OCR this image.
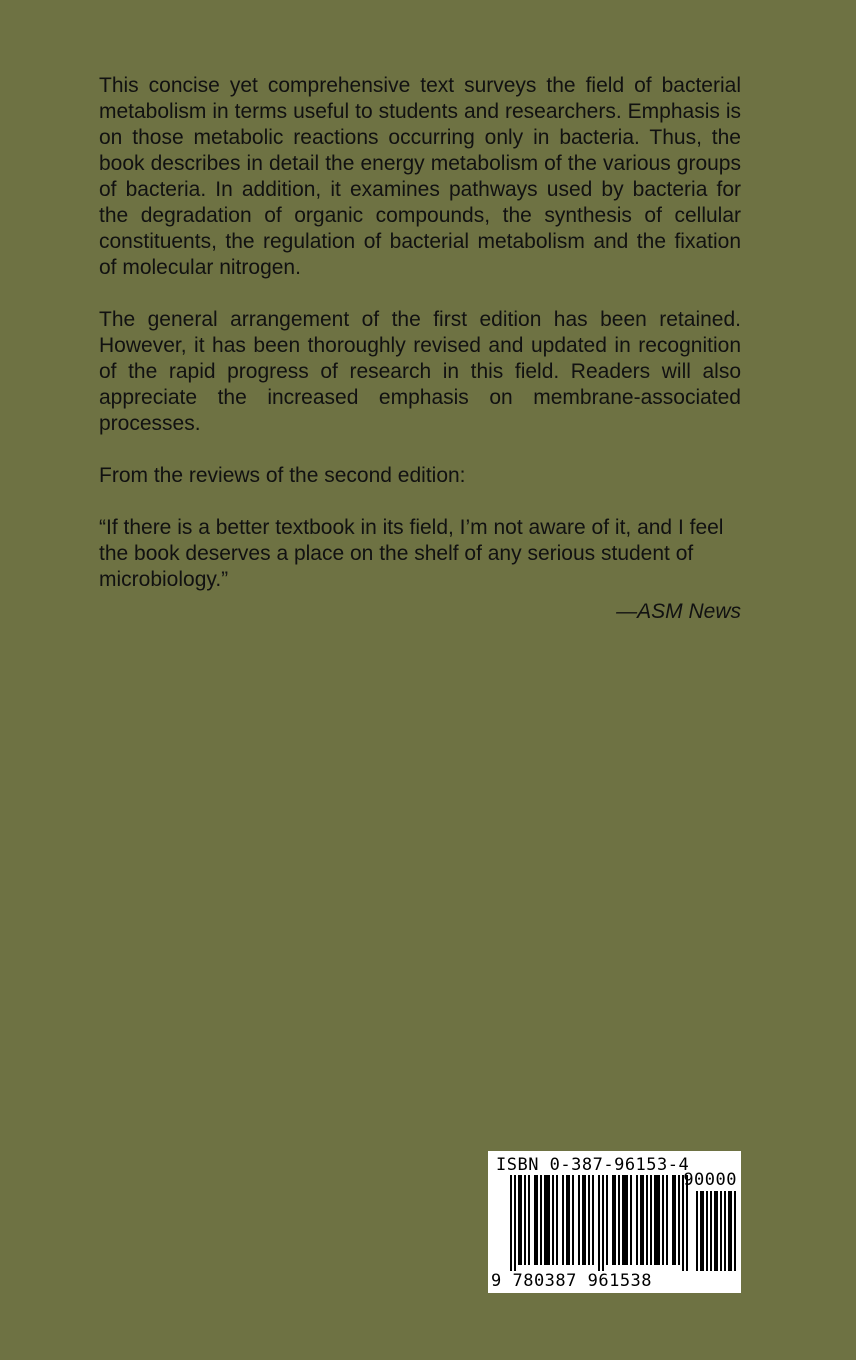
This concise yet comprehensive text surveys the field of bacterial metabolism in terms useful to students and researchers. Emphasis is on those metabolic reactions occurring only in bacteria. Thus, the book describes in detail the energy metabolism of the various groups of bacteria. In addition, it examines pathways used by bacteria for the degradation of organic compounds, the synthesis of cellular constituents, the regulation of bacterial metabolism and the fixation of molecular nitrogen.

The general arrangement of the first edition has been retained. However, it has been thoroughly revised and updated in recognition of the rapid progress of research in this field. Readers will also appreciate the increased emphasis on membrane-associated processes.

From the reviews of the second edition:

“If there is a better textbook in its field, I’m not aware of it, and I feel the book deserves a place on the shelf of any serious student of microbiology.”

—ASM News

ISBN 0-387-96153-4
90000
9 780387 961538
